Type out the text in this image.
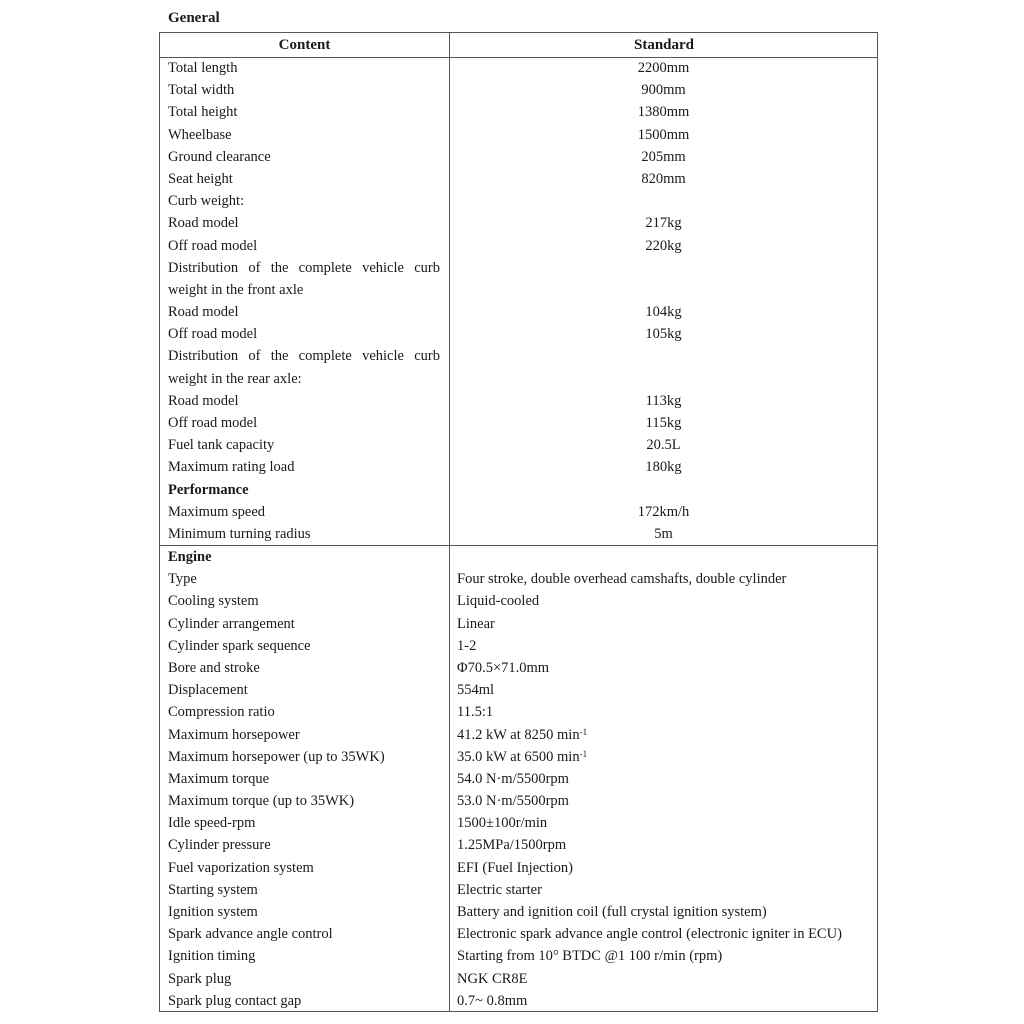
General
Content	Standard
Total length
Total width
Total height
Wheelbase
Ground clearance
Seat height
Curb weight:
Road model
Off road model
Distribution of the complete vehicle curb
weight in the front axle
Road model
Off road model
Distribution of the complete vehicle curb
weight in the rear axle:
Road model
Off road model
Fuel tank capacity
Maximum rating load
Performance
Maximum speed
Minimum turning radius
2200mm
900mm
1380mm
1500mm
205mm
820mm
217kg
220kg
104kg
105kg
113kg
115kg
20.5L
180kg
172km/h
5m
Engine
Type
Cooling system
Cylinder arrangement
Cylinder spark sequence
Bore and stroke
Displacement
Compression ratio
Maximum horsepower
Maximum horsepower (up to 35WK)
Maximum torque
Maximum torque (up to 35WK)
Idle speed-rpm
Cylinder pressure
Fuel vaporization system
Starting system
Ignition system
Spark advance angle control
Ignition timing
Spark plug
Spark plug contact gap
Four stroke, double overhead camshafts, double cylinder
Liquid-cooled
Linear
1-2
Φ70.5×71.0mm
554ml
11.5:1
41.2 kW at 8250 $\min^{-1}$
35.0 kW at 6500 $\min^{-1}$
54.0 N·m/5500rpm
53.0 N·m/5500rpm
1500±100r/min
1.25MPa/1500rpm
EFI (Fuel Injection)
Electric starter
Battery and ignition coil (full crystal ignition system)
Electronic spark advance angle control (electronic igniter in ECU)
Starting from 10° BTDC @1 100 r/min (rpm)
NGK CR8E
0.7~ 0.8mm
